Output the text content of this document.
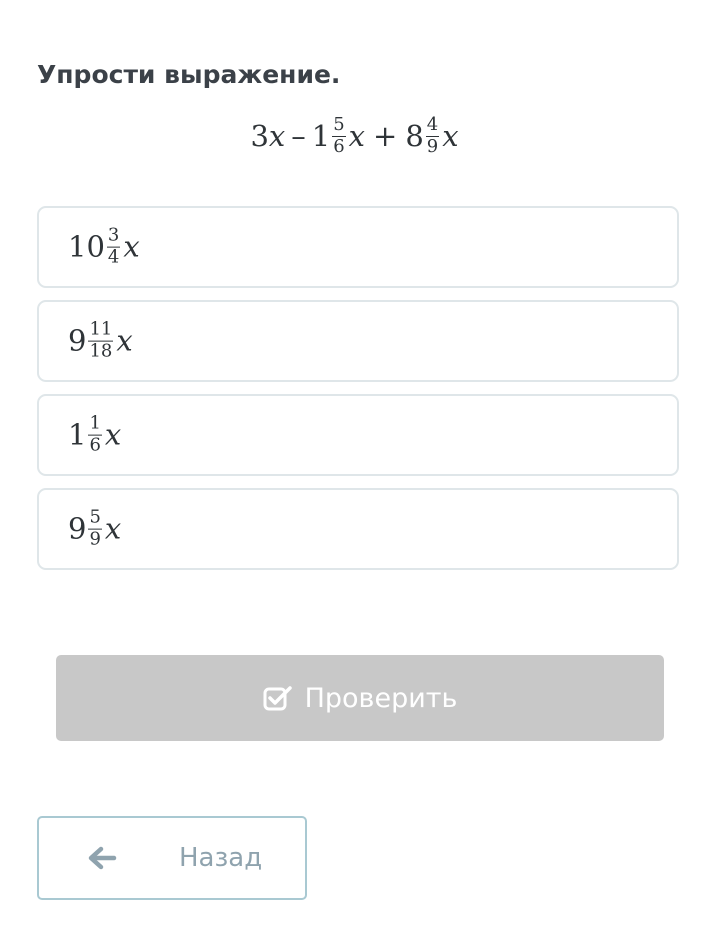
Упрости выражение.
3 x – $1 \frac{5}{6}$ $x + 8 \frac{4}{9}$ x
$10 \frac{3}{4}$ x
$9 \frac{11}{18}$ x
$1 \frac{1}{6}$ x
$9 \frac{5}{9}$ x
Проверить
Назад
